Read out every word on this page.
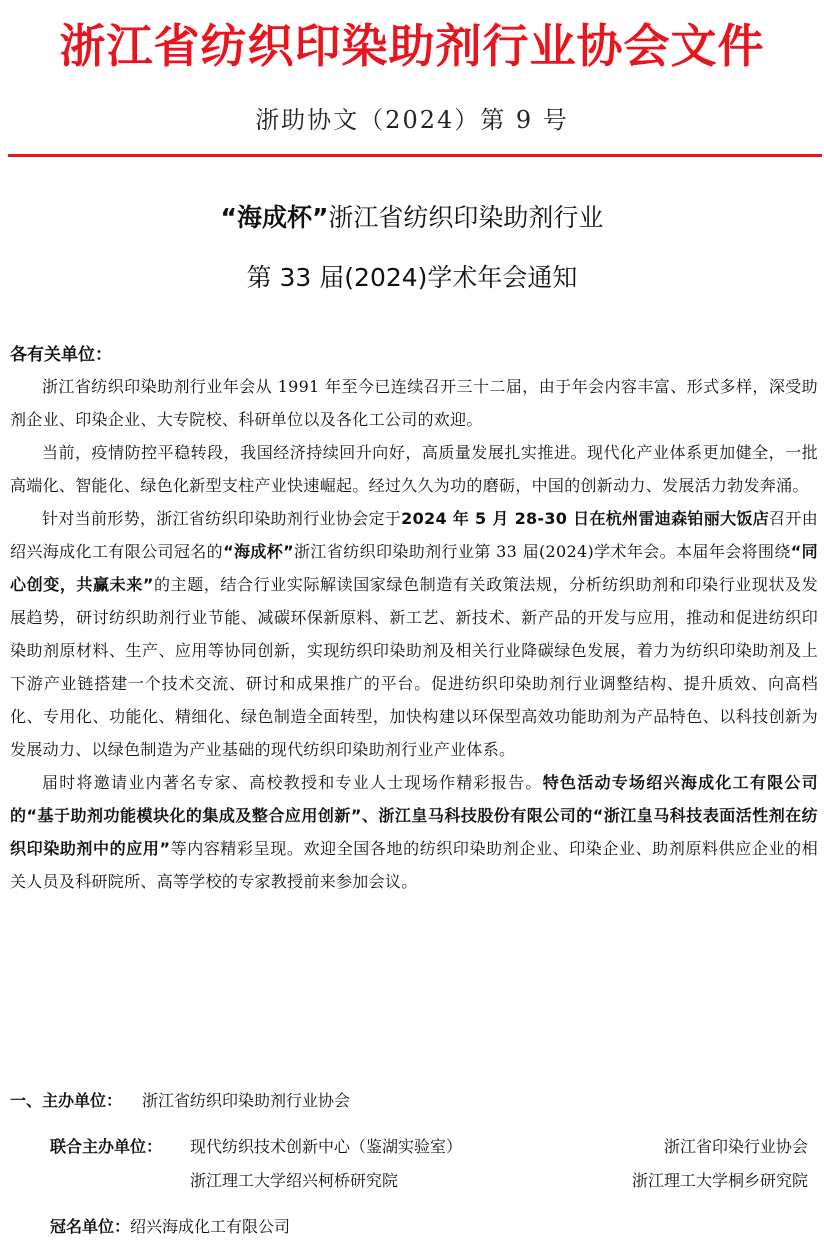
浙江省纺织印染助剂行业协会文件
浙助协文（2024）第 9 号
“海成杯”浙江省纺织印染助剂行业
第 33 届(2024)学术年会通知
各有关单位：

浙江省纺织印染助剂行业年会从 1991 年至今已连续召开三十二届，由于年会内容丰富、形式多样，深受助剂企业、印染企业、大专院校、科研单位以及各化工公司的欢迎。

当前，疫情防控平稳转段，我国经济持续回升向好，高质量发展扎实推进。现代化产业体系更加健全，一批高端化、智能化、绿色化新型支柱产业快速崛起。经过久久为功的磨砺，中国的创新动力、发展活力勃发奔涌。

针对当前形势，浙江省纺织印染助剂行业协会定于2024 年 5 月 28-30 日在杭州雷迪森铂丽大饭店召开由绍兴海成化工有限公司冠名的“海成杯”浙江省纺织印染助剂行业第 33 届(2024)学术年会。本届年会将围绕“同心创变，共赢未来”的主题，结合行业实际解读国家绿色制造有关政策法规，分析纺织助剂和印染行业现状及发展趋势，研讨纺织助剂行业节能、减碳环保新原料、新工艺、新技术、新产品的开发与应用，推动和促进纺织印染助剂原材料、生产、应用等协同创新，实现纺织印染助剂及相关行业降碳绿色发展，着力为纺织印染助剂及上下游产业链搭建一个技术交流、研讨和成果推广的平台。促进纺织印染助剂行业调整结构、提升质效、向高档化、专用化、功能化、精细化、绿色制造全面转型，加快构建以环保型高效功能助剂为产品特色、以科技创新为发展动力、以绿色制造为产业基础的现代纺织印染助剂行业产业体系。

届时将邀请业内著名专家、高校教授和专业人士现场作精彩报告。特色活动专场绍兴海成化工有限公司的“基于助剂功能模块化的集成及整合应用创新”、浙江皇马科技股份有限公司的“浙江皇马科技表面活性剂在纺织印染助剂中的应用”等内容精彩呈现。欢迎全国各地的纺织印染助剂企业、印染企业、助剂原料供应企业的相关人员及科研院所、高等学校的专家教授前来参加会议。

一、主办单位： 浙江省纺织印染助剂行业协会
联合主办单位： 现代纺织技术创新中心（鉴湖实验室）	浙江省印染行业协会
浙江理工大学绍兴柯桥研究院	浙江理工大学桐乡研究院
冠名单位：绍兴海成化工有限公司
